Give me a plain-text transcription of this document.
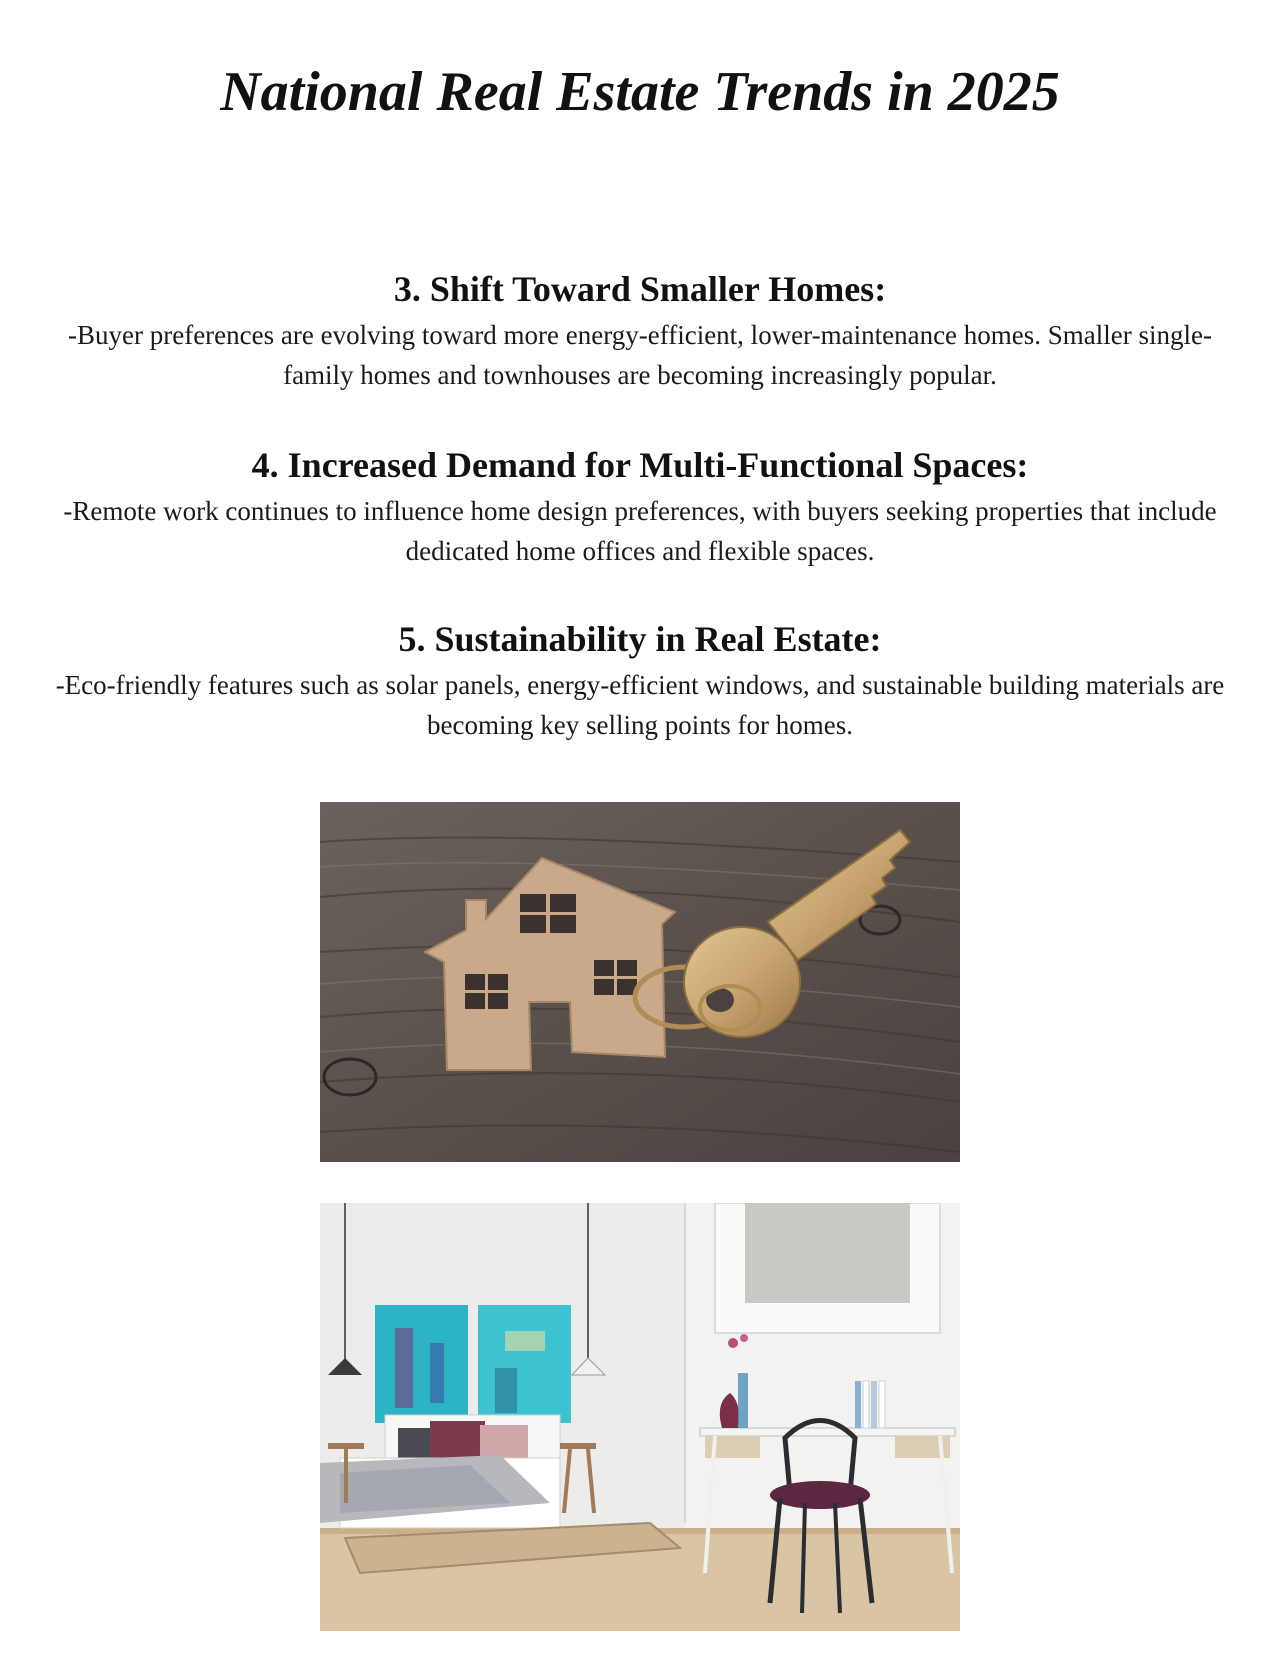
National Real Estate Trends in 2025
3. Shift Toward Smaller Homes:

-Buyer preferences are evolving toward more energy-efficient, lower-maintenance homes. Smaller single-family homes and townhouses are becoming increasingly popular.

4. Increased Demand for Multi-Functional Spaces:

-Remote work continues to influence home design preferences, with buyers seeking properties that include dedicated home offices and flexible spaces.

5. Sustainability in Real Estate:

-Eco-friendly features such as solar panels, energy-efficient windows, and sustainable building materials are becoming key selling points for homes.
